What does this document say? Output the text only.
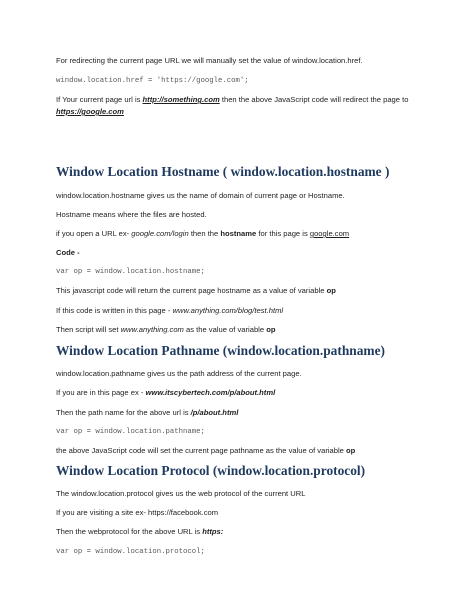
For redirecting the current page URL we will manually set the value of window.location.href.
window.location.href = 'https://google.com';
If Your current page url is http://something.com then the above JavaScript code will redirect the page to https://google.com
Window Location Hostname ( window.location.hostname )
window.location.hostname gives us the name of domain of current page or Hostname.
Hostname means where the files are hosted.
if you open a URL ex- google.com/login then the hostname for this page is google.com
Code -
var op = window.location.hostname;
This javascript code will return the current page hostname as a value of variable op
If this code is written in this page - www.anything.com/blog/test.html
Then script will set www.anything.com as the value of variable op
Window Location Pathname (window.location.pathname)
window.location.pathname gives us the path address of the current page.
If you are in this page ex - www.itscybertech.com/p/about.html
Then the path name for the above url is /p/about.html
var op = window.location.pathname;
the above JavaScript code will set the current page pathname as the value of variable op
Window Location Protocol (window.location.protocol)
The window.location.protocol gives us the web protocol of the current URL
If you are visiting a site ex- https://facebook.com
Then the webprotocol for the above URL is https:
var op = window.location.protocol;
